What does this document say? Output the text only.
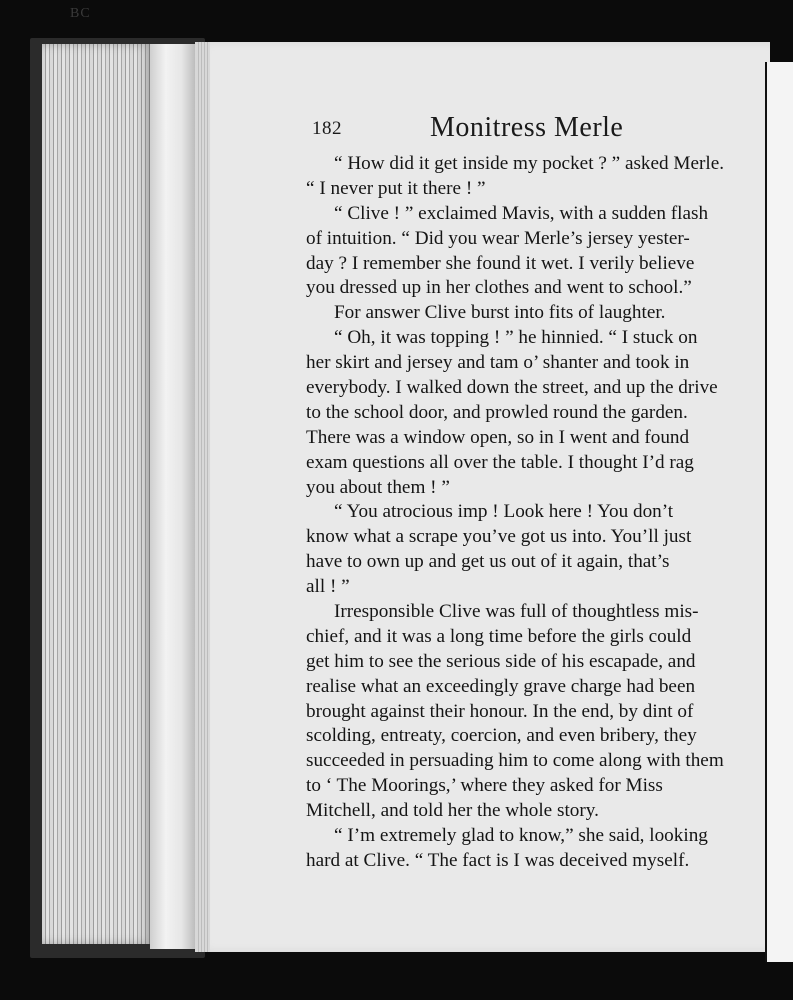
BC
182	Monitress Merle
“ How did it get inside my pocket ? ” asked Merle.
“ I never put it there ! ”
“ Clive ! ” exclaimed Mavis, with a sudden flash
of intuition. “ Did you wear Merle’s jersey yester-
day ? I remember she found it wet. I verily believe
you dressed up in her clothes and went to school.”
For answer Clive burst into fits of laughter.
“ Oh, it was topping ! ” he hinnied. “ I stuck on
her skirt and jersey and tam o’ shanter and took in
everybody. I walked down the street, and up the drive
to the school door, and prowled round the garden.
There was a window open, so in I went and found
exam questions all over the table. I thought I’d rag
you about them ! ”
“ You atrocious imp ! Look here ! You don’t
know what a scrape you’ve got us into. You’ll just
have to own up and get us out of it again, that’s
all ! ”
Irresponsible Clive was full of thoughtless mis-
chief, and it was a long time before the girls could
get him to see the serious side of his escapade, and
realise what an exceedingly grave charge had been
brought against their honour. In the end, by dint of
scolding, entreaty, coercion, and even bribery, they
succeeded in persuading him to come along with them
to ‘ The Moorings,’ where they asked for Miss
Mitchell, and told her the whole story.
“ I’m extremely glad to know,” she said, looking
hard at Clive. “ The fact is I was deceived myself.
